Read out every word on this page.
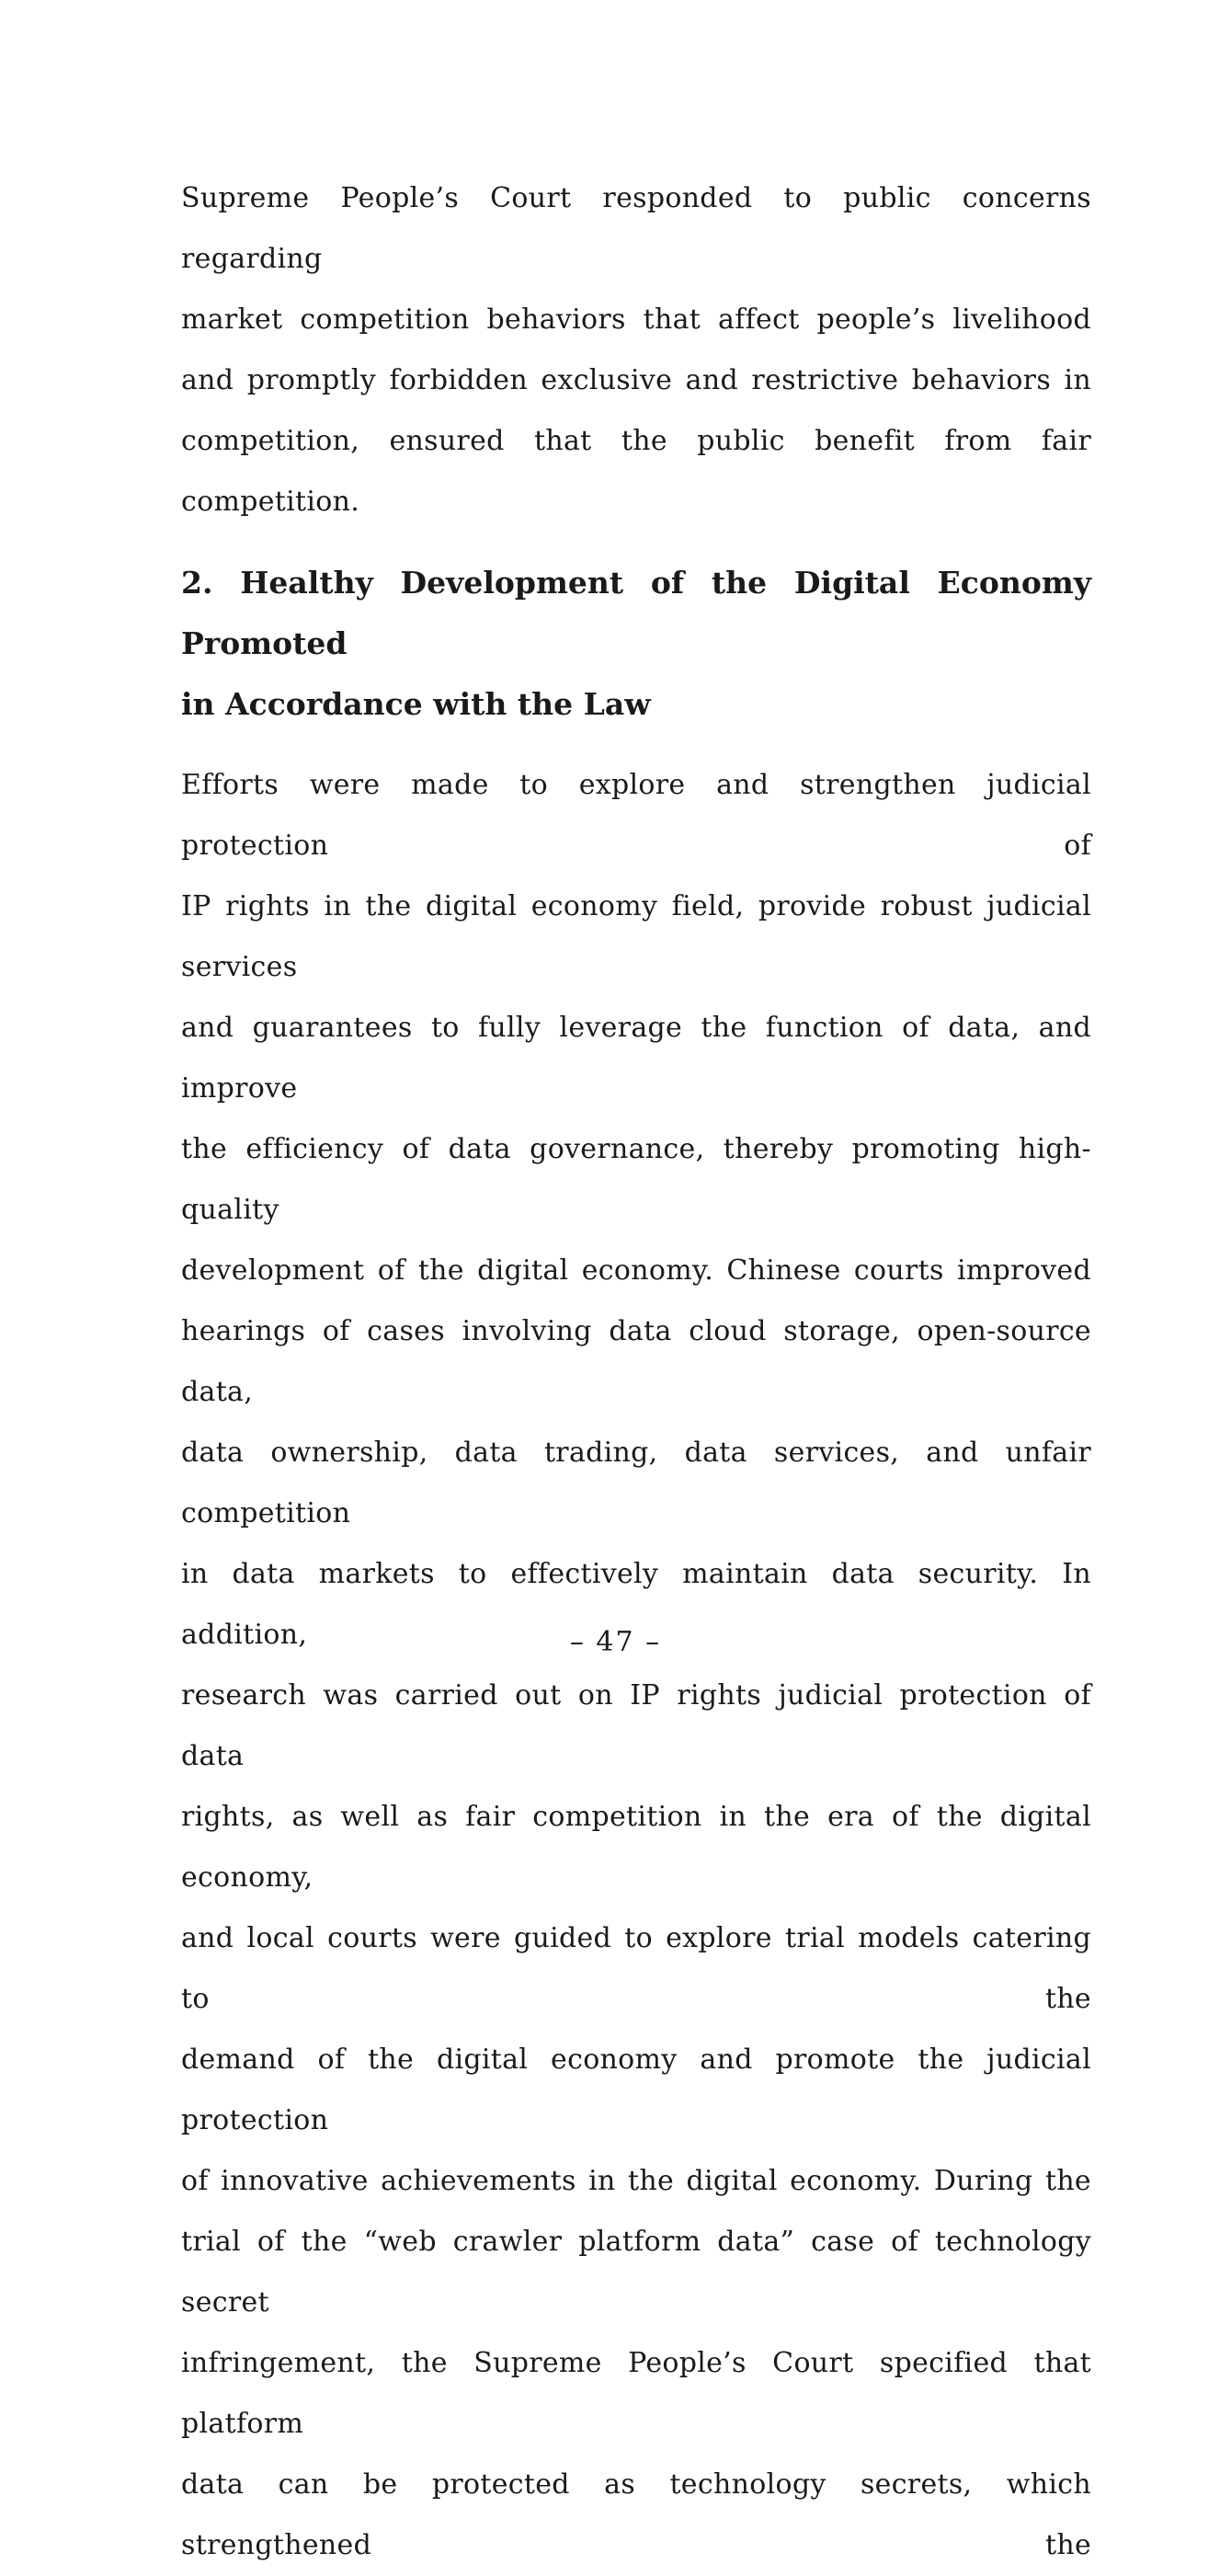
Supreme People’s Court responded to public concerns regarding
market competition behaviors that affect people’s livelihood
and promptly forbidden exclusive and restrictive behaviors in
competition, ensured that the public benefit from fair competition.

2. Healthy Development of the Digital Economy Promoted
in Accordance with the Law

Efforts were made to explore and strengthen judicial protection of
IP rights in the digital economy field, provide robust judicial services
and guarantees to fully leverage the function of data, and improve
the efficiency of data governance, thereby promoting high-quality
development of the digital economy. Chinese courts improved
hearings of cases involving data cloud storage, open-source data,
data ownership, data trading, data services, and unfair competition
in data markets to effectively maintain data security. In addition,
research was carried out on IP rights judicial protection of data
rights, as well as fair competition in the era of the digital economy,
and local courts were guided to explore trial models catering to the
demand of the digital economy and promote the judicial protection
of innovative achievements in the digital economy. During the
trial of the “web crawler platform data” case of technology secret
infringement, the Supreme People’s Court specified that platform
data can be protected as technology secrets, which strengthened the

– 47 –
